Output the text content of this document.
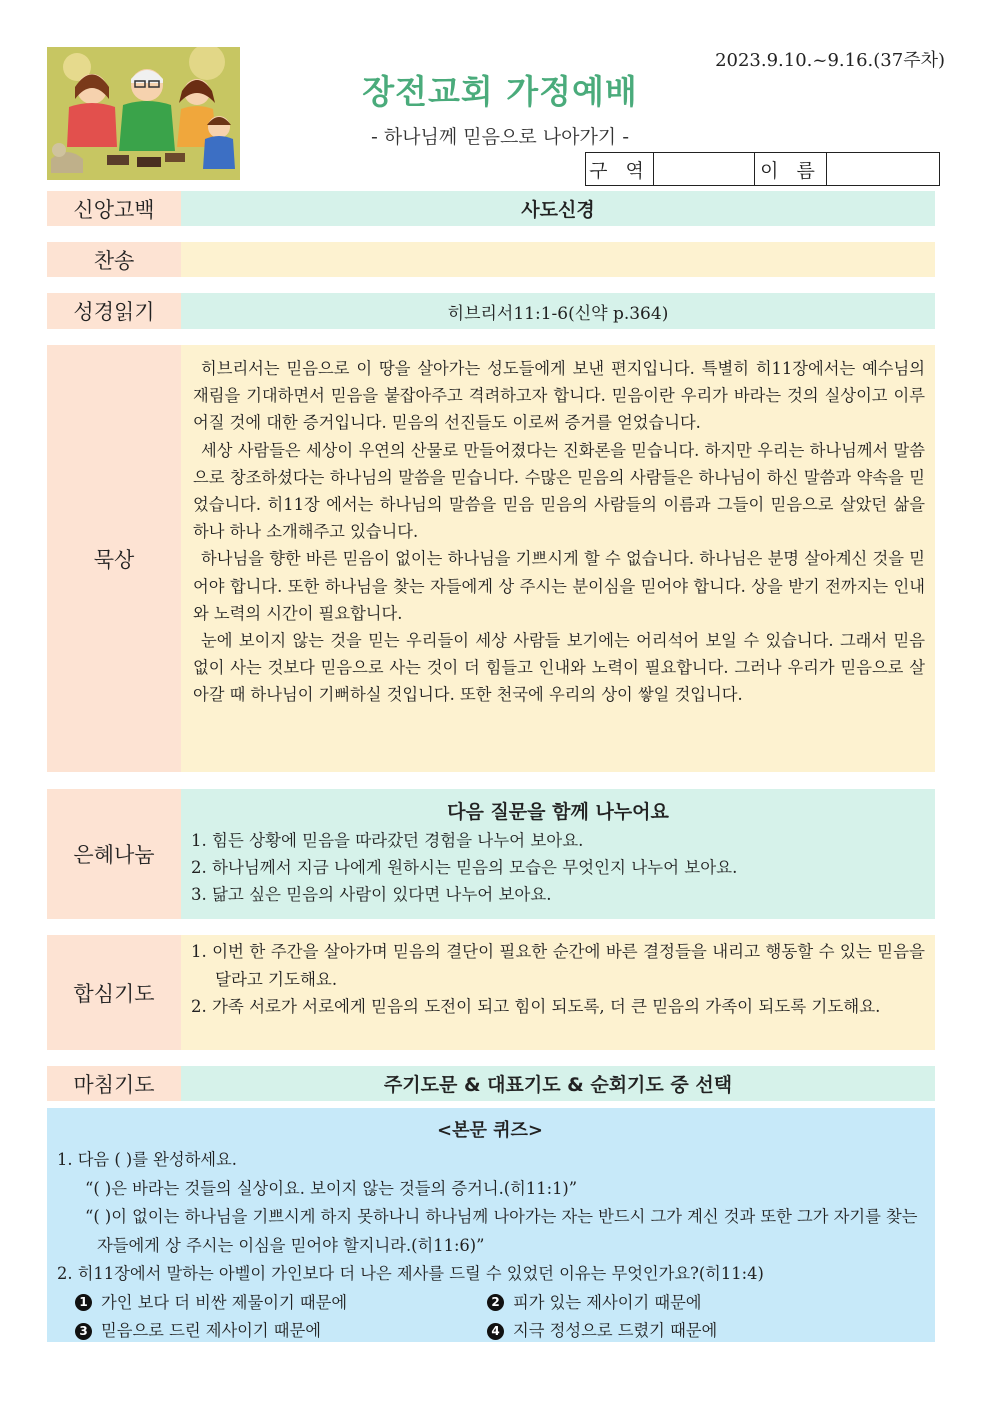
2023.9.10.~9.16.(37주차)
장전교회 가정예배
- 하나님께 믿음으로 나아가기 -
구 역	이 름
신앙고백	사도신경
찬송
성경읽기	히브리서11:1-6(신약 p.364)
묵상

히브리서는 믿음으로 이 땅을 살아가는 성도들에게 보낸 편지입니다. 특별히 히11장에서는 예수님의 재림을 기대하면서 믿음을 붙잡아주고 격려하고자 합니다. 믿음이란 우리가 바라는 것의 실상이고 이루어질 것에 대한 증거입니다. 믿음의 선진들도 이로써 증거를 얻었습니다.

세상 사람들은 세상이 우연의 산물로 만들어졌다는 진화론을 믿습니다. 하지만 우리는 하나님께서 말씀으로 창조하셨다는 하나님의 말씀을 믿습니다. 수많은 믿음의 사람들은 하나님이 하신 말씀과 약속을 믿었습니다. 히11장 에서는 하나님의 말씀을 믿음 믿음의 사람들의 이름과 그들이 믿음으로 살았던 삶을 하나 하나 소개해주고 있습니다.

하나님을 향한 바른 믿음이 없이는 하나님을 기쁘시게 할 수 없습니다. 하나님은 분명 살아계신 것을 믿어야 합니다. 또한 하나님을 찾는 자들에게 상 주시는 분이심을 믿어야 합니다. 상을 받기 전까지는 인내와 노력의 시간이 필요합니다.

눈에 보이지 않는 것을 믿는 우리들이 세상 사람들 보기에는 어리석어 보일 수 있습니다. 그래서 믿음 없이 사는 것보다 믿음으로 사는 것이 더 힘들고 인내와 노력이 필요합니다. 그러나 우리가 믿음으로 살아갈 때 하나님이 기뻐하실 것입니다. 또한 천국에 우리의 상이 쌓일 것입니다.

은혜나눔
다음 질문을 함께 나누어요
1. 힘든 상황에 믿음을 따라갔던 경험을 나누어 보아요.
2. 하나님께서 지금 나에게 원하시는 믿음의 모습은 무엇인지 나누어 보아요.
3. 닮고 싶은 믿음의 사람이 있다면 나누어 보아요.
합심기도
1. 이번 한 주간을 살아가며 믿음의 결단이 필요한 순간에 바른 결정들을 내리고 행동할 수 있는 믿음을 달라고 기도해요.
2. 가족 서로가 서로에게 믿음의 도전이 되고 힘이 되도록, 더 큰 믿음의 가족이 되도록 기도해요.
마침기도	주기도문 & 대표기도 & 순회기도 중 선택
<본문 퀴즈>
1. 다음 ( )를 완성하세요.
“( )은 바라는 것들의 실상이요. 보이지 않는 것들의 증거니.(히11:1)”
“( )이 없이는 하나님을 기쁘시게 하지 못하나니 하나님께 나아가는 자는 반드시 그가 계신 것과 또한 그가 자기를 찾는 자들에게 상 주시는 이심을 믿어야 할지니라.(히11:6)”
2. 히11장에서 말하는 아벨이 가인보다 더 나은 제사를 드릴 수 있었던 이유는 무엇인가요?(히11:4)
1 가인 보다 더 비싼 제물이기 때문에	2 피가 있는 제사이기 때문에
3 믿음으로 드린 제사이기 때문에	4 지극 정성으로 드렸기 때문에
